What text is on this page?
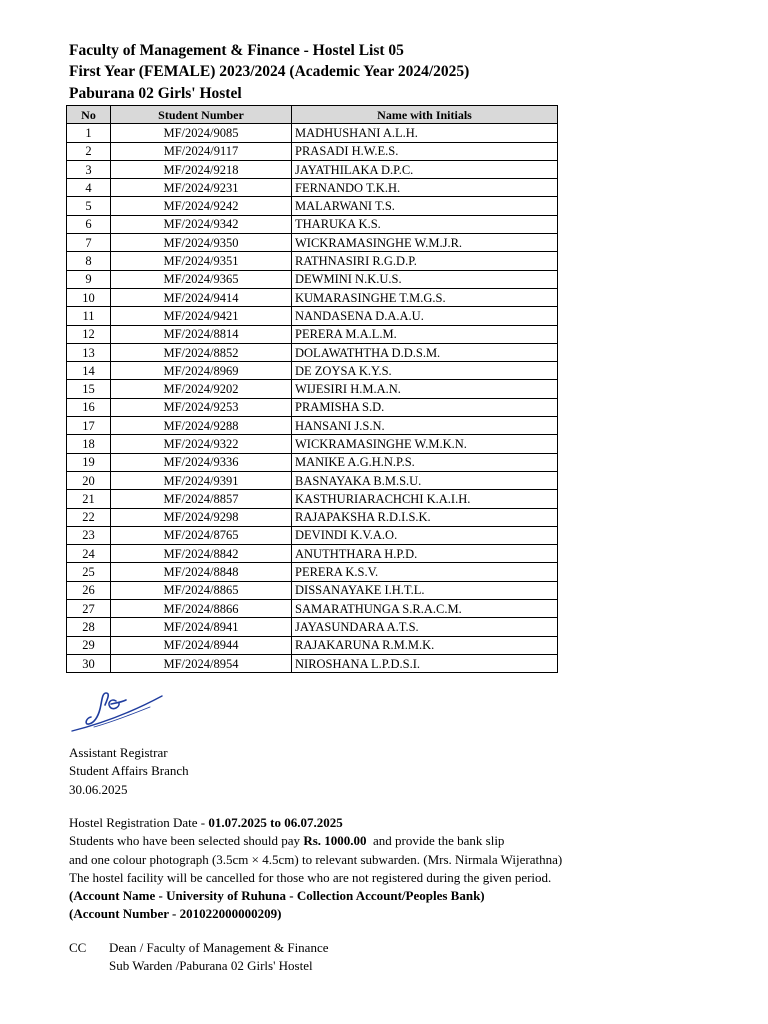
Faculty of Management & Finance - Hostel List 05
First Year (FEMALE) 2023/2024 (Academic Year 2024/2025)
Paburana 02 Girls' Hostel
No	Student Number	Name with Initials
1	MF/2024/9085	MADHUSHANI A.L.H.
2	MF/2024/9117	PRASADI H.W.E.S.
3	MF/2024/9218	JAYATHILAKA D.P.C.
4	MF/2024/9231	FERNANDO T.K.H.
5	MF/2024/9242	MALARWANI T.S.
6	MF/2024/9342	THARUKA K.S.
7	MF/2024/9350	WICKRAMASINGHE W.M.J.R.
8	MF/2024/9351	RATHNASIRI R.G.D.P.
9	MF/2024/9365	DEWMINI N.K.U.S.
10	MF/2024/9414	KUMARASINGHE T.M.G.S.
11	MF/2024/9421	NANDASENA D.A.A.U.
12	MF/2024/8814	PERERA M.A.L.M.
13	MF/2024/8852	DOLAWATHTHA D.D.S.M.
14	MF/2024/8969	DE ZOYSA K.Y.S.
15	MF/2024/9202	WIJESIRI H.M.A.N.
16	MF/2024/9253	PRAMISHA S.D.
17	MF/2024/9288	HANSANI J.S.N.
18	MF/2024/9322	WICKRAMASINGHE W.M.K.N.
19	MF/2024/9336	MANIKE A.G.H.N.P.S.
20	MF/2024/9391	BASNAYAKA B.M.S.U.
21	MF/2024/8857	KASTHURIARACHCHI K.A.I.H.
22	MF/2024/9298	RAJAPAKSHA R.D.I.S.K.
23	MF/2024/8765	DEVINDI K.V.A.O.
24	MF/2024/8842	ANUTHTHARA H.P.D.
25	MF/2024/8848	PERERA K.S.V.
26	MF/2024/8865	DISSANAYAKE I.H.T.L.
27	MF/2024/8866	SAMARATHUNGA S.R.A.C.M.
28	MF/2024/8941	JAYASUNDARA A.T.S.
29	MF/2024/8944	RAJAKARUNA R.M.M.K.
30	MF/2024/8954	NIROSHANA L.P.D.S.I.
Assistant Registrar
Student Affairs Branch
30.06.2025
Hostel Registration Date - 01.07.2025 to 06.07.2025
Students who have been selected should pay Rs. 1000.00  and provide the bank slip
and one colour photograph (3.5cm × 4.5cm) to relevant subwarden. (Mrs. Nirmala Wijerathna)
The hostel facility will be cancelled for those who are not registered during the given period.
(Account Name - University of Ruhuna - Collection Account/Peoples Bank)
(Account Number - 201022000000209)
CC Dean / Faculty of Management & Finance
Sub Warden /Paburana 02 Girls' Hostel
